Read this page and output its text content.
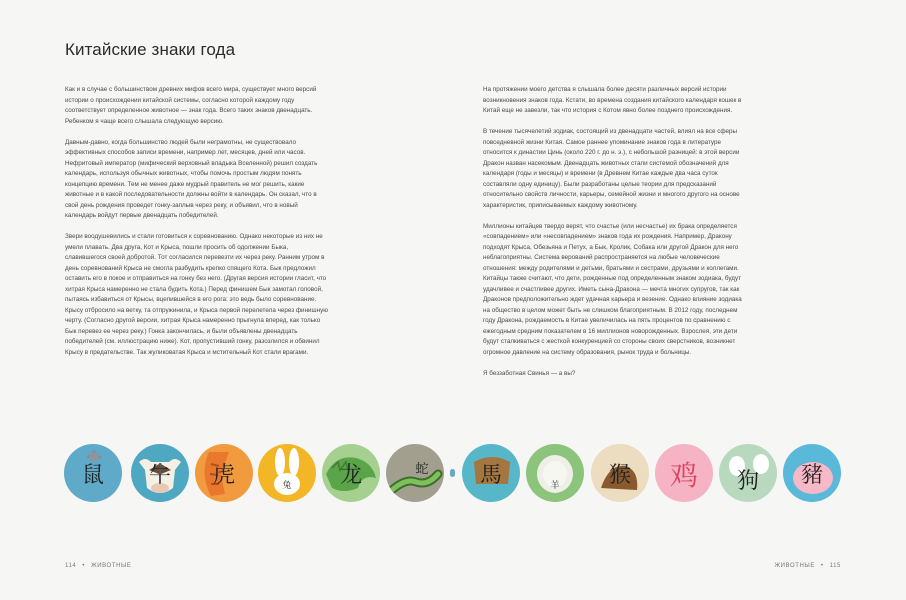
Китайские знаки года

Как и в случае с большинством древних мифов всего мира, существует много версий истории о происхождении китайской системы, согласно которой каждому году соответствует определенное животное — знак года. Всего таких знаков двенадцать. Ребенком я чаще всего слышала следующую версию.

Давным-давно, когда большинство людей были неграмотны, не существовало эффективных способов записи времени, например лет, месяцев, дней или часов. Нефритовый император (мифический верховный владыка Вселенной) решил создать календарь, используя обычных животных, чтобы помочь простым людям понять концепцию времени. Тем не менее даже мудрый правитель не мог решить, какие животные и в какой последовательности должны войти в календарь. Он сказал, что в свой день рождения проведет гонку-заплыв через реку, и объявил, что в новый календарь войдут первые двенадцать победителей.

Звери воодушевились и стали готовиться к соревнованию. Однако некоторые из них не умели плавать. Два друга, Кот и Крыса, пошли просить об одолжении Быка, славившегося своей добротой. Тот согласился перевезти их через реку. Ранним утром в день соревнований Крыса не смогла разбудить крепко спящего Кота. Бык предложил оставить его в покое и отправиться на гонку без него. (Другая версия истории гласит, что хитрая Крыса намеренно не стала будить Кота.) Перед финишем Бык замотал головой, пытаясь избавиться от Крысы, вцепившейся в его рога: это ведь было соревнование. Крысу отбросило на ветку, та отпружинила, и Крыса первой перелетела через финишную черту. (Согласно другой версии, хитрая Крыса намеренно прыгнула вперед, как только Бык перевез ее через реку.) Гонка закончилась, и были объявлены двенадцать победителей (см. иллюстрацию ниже). Кот, пропустивший гонку, разозлился и обвинил Крысу в предательстве. Так жуликоватая Крыса и мстительный Кот стали врагами.

На протяжении моего детства я слышала более десяти различных версий истории возникновения знаков года. Кстати, во времена создания китайского календаря кошек в Китай еще не завезли, так что история с Котом явно более позднего происхождения.

В течение тысячелетий зодиак, состоящий из двенадцати частей, влиял на все сферы повседневной жизни Китая. Самое раннее упоминание знаков года в литературе относится к династии Цинь (около 220 г. до н. э.), с небольшой разницей: в этой версии Дракон назван насекомым. Двенадцать животных стали системой обозначений для календаря (годы и месяцы) и времени (в Древнем Китае каждые два часа суток составляли одну единицу). Были разработаны целые теории для предсказаний относительно свойств личности, карьеры, семейной жизни и многого другого на основе характеристик, приписываемых каждому животному.

Миллионы китайцев твердо верят, что счастье (или несчастье) их брака определяется «совпадением» или «несовпадением» знаков года их рождения. Например, Дракону подходят Крыса, Обезьяна и Петух, а Бык, Кролик, Собака или другой Дракон для него неблагоприятны. Система верований распространяется на любые человеческие отношения: между родителями и детьми, братьями и сестрами, друзьями и коллегами. Китайцы также считают, что дети, рожденные под определенным знаком зодиака, будут удачливее и счастливее других. Иметь сына-Дракона — мечта многих супругов, так как Драконов предположительно ждет удачная карьера и везение. Однако влияние зодиака на общество в целом может быть не слишком благоприятным. В 2012 году, последнем году Дракона, рождаемость в Китае увеличилась на пять процентов по сравнению с ежегодным средним показателем в 16 миллионов новорожденных. Взрослея, эти дети будут сталкиваться с жесткой конкуренцией со стороны своих сверстников, возникнет огромное давление на систему образования, рынок труда и больницы.

Я беззаботная Свинья — а вы?

鼠	牛	虎	兔	龙	蛇	馬	羊	猴	鸡	狗	豬
114 • ЖИВОТНЫЕ	ЖИВОТНЫЕ • 115
